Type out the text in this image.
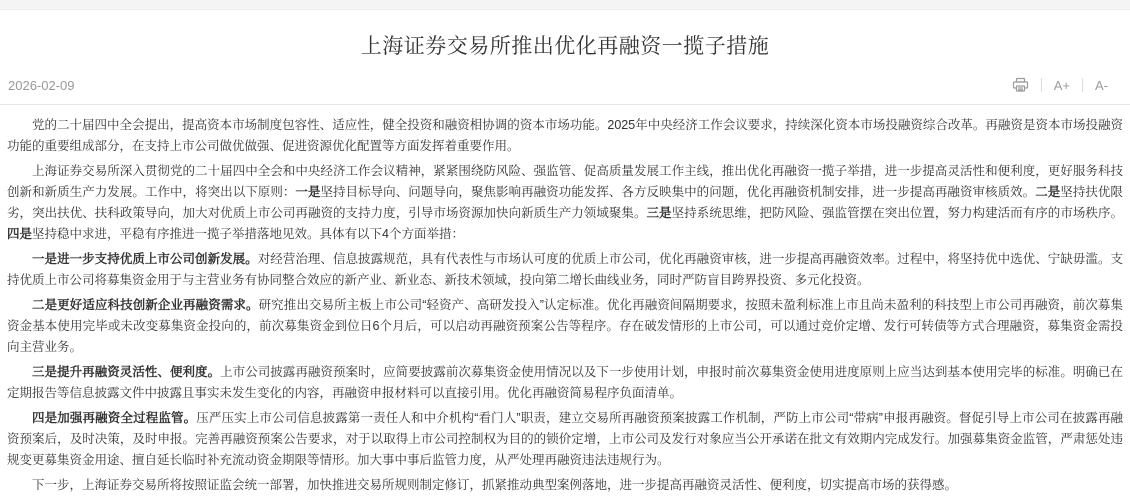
上海证券交易所推出优化再融资一揽子措施
2026-02-09	A+	A-

党的二十届四中全会提出，提高资本市场制度包容性、适应性，健全投资和融资相协调的资本市场功能。2025年中央经济工作会议要求，持续深化资本市场投融资综合改革。再融资是资本市场投融资功能的重要组成部分，在支持上市公司做优做强、促进资源优化配置等方面发挥着重要作用。

上海证券交易所深入贯彻党的二十届四中全会和中央经济工作会议精神，紧紧围绕防风险、强监管、促高质量发展工作主线，推出优化再融资一揽子举措，进一步提高灵活性和便利度，更好服务科技创新和新质生产力发展。工作中，将突出以下原则：一是坚持目标导向、问题导向，聚焦影响再融资功能发挥、各方反映集中的问题，优化再融资机制安排，进一步提高再融资审核质效。二是坚持扶优限劣，突出扶优、扶科政策导向，加大对优质上市公司再融资的支持力度，引导市场资源加快向新质生产力领域聚集。三是坚持系统思维，把防风险、强监管摆在突出位置，努力构建活而有序的市场秩序。四是坚持稳中求进，平稳有序推进一揽子举措落地见效。具体有以下4个方面举措：

一是进一步支持优质上市公司创新发展。对经营治理、信息披露规范，具有代表性与市场认可度的优质上市公司，优化再融资审核，进一步提高再融资效率。过程中，将坚持优中选优、宁缺毋滥。支持优质上市公司将募集资金用于与主营业务有协同整合效应的新产业、新业态、新技术领域，投向第二增长曲线业务，同时严防盲目跨界投资、多元化投资。

二是更好适应科技创新企业再融资需求。研究推出交易所主板上市公司“轻资产、高研发投入”认定标准。优化再融资间隔期要求，按照未盈利标准上市且尚未盈利的科技型上市公司再融资，前次募集资金基本使用完毕或未改变募集资金投向的，前次募集资金到位日6个月后，可以启动再融资预案公告等程序。存在破发情形的上市公司，可以通过竞价定增、发行可转债等方式合理融资，募集资金需投向主营业务。

三是提升再融资灵活性、便利度。上市公司披露再融资预案时，应简要披露前次募集资金使用情况以及下一步使用计划，申报时前次募集资金使用进度原则上应当达到基本使用完毕的标准。明确已在定期报告等信息披露文件中披露且事实未发生变化的内容，再融资申报材料可以直接引用。优化再融资简易程序负面清单。

四是加强再融资全过程监管。压严压实上市公司信息披露第一责任人和中介机构“看门人”职责，建立交易所再融资预案披露工作机制，严防上市公司“带病”申报再融资。督促引导上市公司在披露再融资预案后，及时决策，及时申报。完善再融资预案公告要求，对于以取得上市公司控制权为目的的锁价定增，上市公司及发行对象应当公开承诺在批文有效期内完成发行。加强募集资金监管，严肃惩处违规变更募集资金用途、擅自延长临时补充流动资金期限等情形。加大事中事后监管力度，从严处理再融资违法违规行为。

下一步，上海证券交易所将按照证监会统一部署，加快推进交易所规则制定修订，抓紧推动典型案例落地，进一步提高再融资灵活性、便利度，切实提高市场的获得感。
